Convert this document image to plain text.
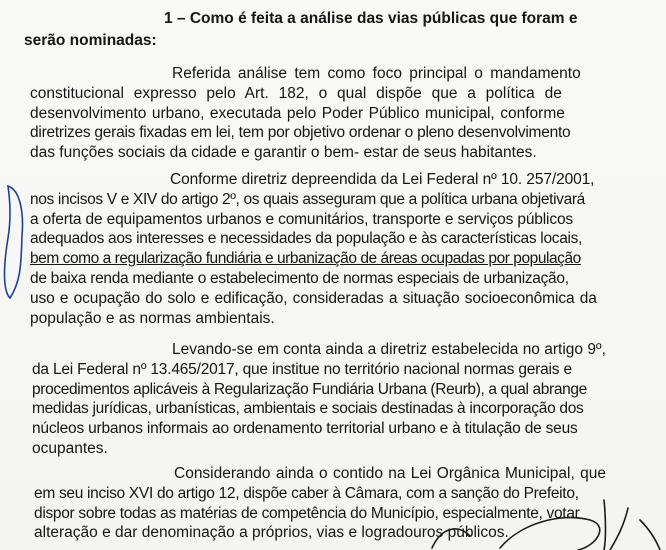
1 – Como é feita a análise das vias públicas que foram e
serão nominadas:
Referida análise tem como foco principal o mandamento
constitucional expresso pelo Art. 182, o qual dispõe que a política de
desenvolvimento urbano, executada pelo Poder Público municipal, conforme
diretrizes gerais fixadas em lei, tem por objetivo ordenar o pleno desenvolvimento
das funções sociais da cidade e garantir o bem- estar de seus habitantes.
Conforme diretriz depreendida da Lei Federal nº 10. 257/2001,
nos incisos V e XIV do artigo 2º, os quais asseguram que a política urbana objetivará
a oferta de equipamentos urbanos e comunitários, transporte e serviços públicos
adequados aos interesses e necessidades da população e às características locais,
bem como a regularização fundiária e urbanização de áreas ocupadas por população
de baixa renda mediante o estabelecimento de normas especiais de urbanização,
uso e ocupação do solo e edificação, consideradas a situação socioeconômica da
população e as normas ambientais.
Levando-se em conta ainda a diretriz estabelecida no artigo 9º,
da Lei Federal nº 13.465/2017, que institue no território nacional normas gerais e
procedimentos aplicáveis à Regularização Fundiária Urbana (Reurb), a qual abrange
medidas jurídicas, urbanísticas, ambientais e sociais destinadas à incorporação dos
núcleos urbanos informais ao ordenamento territorial urbano e à titulação de seus
ocupantes.
Considerando ainda o contido na Lei Orgânica Municipal, que
em seu inciso XVI do artigo 12, dispõe caber à Câmara, com a sanção do Prefeito,
dispor sobre todas as matérias de competência do Município, especialmente, votar
alteração e dar denominação a próprios, vias e logradouros públicos.
